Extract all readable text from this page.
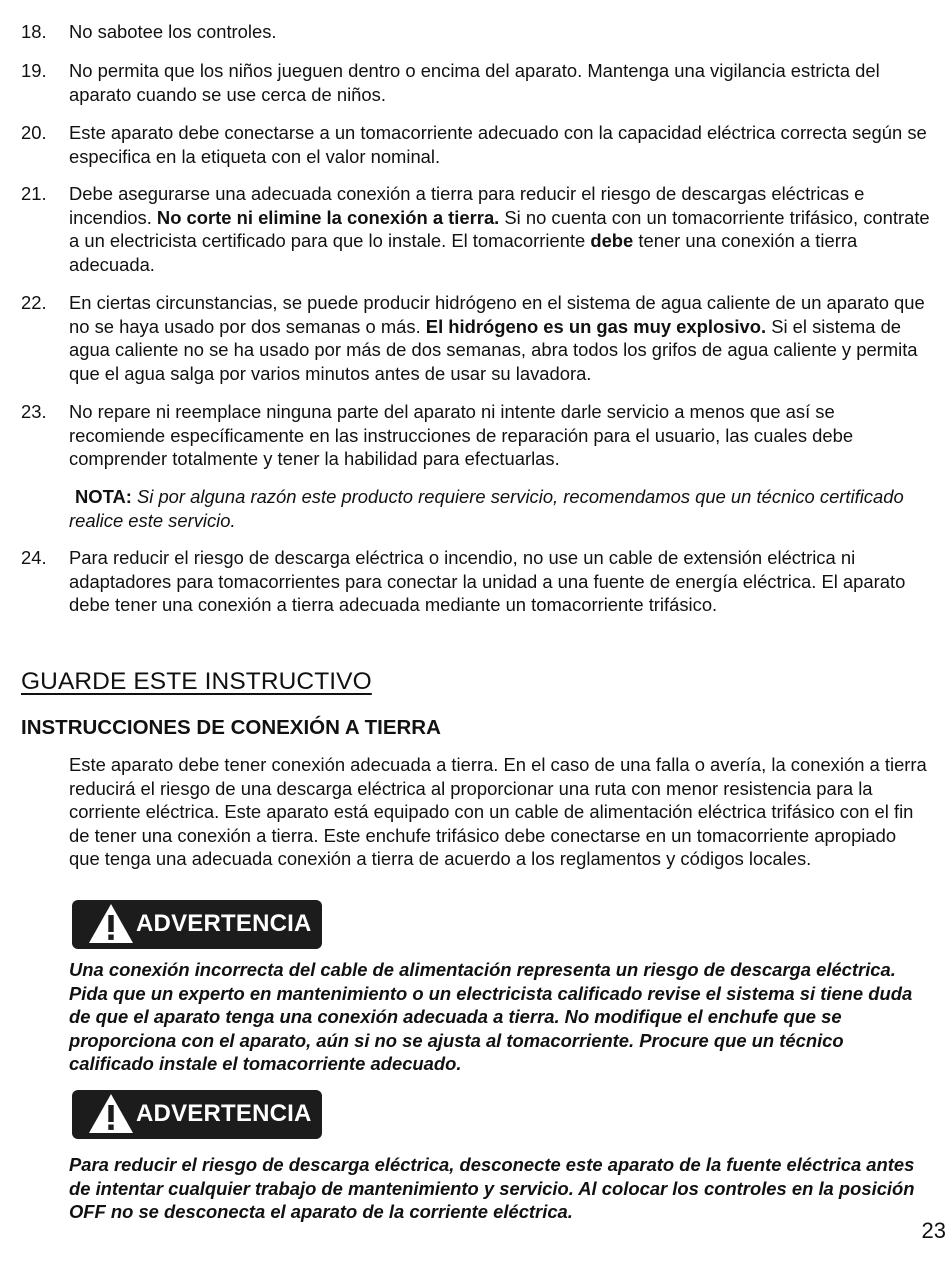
18.	No sabotee los controles.
19.	No permita que los niños jueguen dentro o encima del aparato. Mantenga una vigilancia estricta del aparato cuando se use cerca de niños.
20.	Este aparato debe conectarse a un tomacorriente adecuado con la capacidad eléctrica correcta según se especifica en la etiqueta con el valor nominal.
21.	Debe asegurarse una adecuada conexión a tierra para reducir el riesgo de descargas eléctricas e incendios. No corte ni elimine la conexión a tierra. Si no cuenta con un tomacorriente trifásico, contrate a un electricista certificado para que lo instale. El tomacorriente debe tener una conexión a tierra adecuada.
22.	En ciertas circunstancias, se puede producir hidrógeno en el sistema de agua caliente de un aparato que no se haya usado por dos semanas o más. El hidrógeno es un gas muy explosivo. Si el sistema de agua caliente no se ha usado por más de dos semanas, abra todos los grifos de agua caliente y permita que el agua salga por varios minutos antes de usar su lavadora.
23.	No repare ni reemplace ninguna parte del aparato ni intente darle servicio a menos que así se recomiende específicamente en las instrucciones de reparación para el usuario, las cuales debe comprender totalmente y tener la habilidad para efectuarlas.
NOTA: Si por alguna razón este producto requiere servicio, recomendamos que un técnico certificado realice este servicio.
24.	Para reducir el riesgo de descarga eléctrica o incendio, no use un cable de extensión eléctrica ni adaptadores para tomacorrientes para conectar la unidad a una fuente de energía eléctrica. El aparato debe tener una conexión a tierra adecuada mediante un tomacorriente trifásico.
GUARDE ESTE INSTRUCTIVO
INSTRUCCIONES DE CONEXIÓN A TIERRA
Este aparato debe tener conexión adecuada a tierra. En el caso de una falla o avería, la conexión a tierra reducirá el riesgo de una descarga eléctrica al proporcionar una ruta con menor resistencia para la corriente eléctrica. Este aparato está equipado con un cable de alimentación eléctrica trifásico con el fin de tener una conexión a tierra. Este enchufe trifásico debe conectarse en un tomacorriente apropiado que tenga una adecuada conexión a tierra de acuerdo a los reglamentos y códigos locales.
ADVERTENCIA
Una conexión incorrecta del cable de alimentación representa un riesgo de descarga eléctrica. Pida que un experto en mantenimiento o un electricista calificado revise el sistema si tiene duda de que el aparato tenga una conexión adecuada a tierra. No modifique el enchufe que se proporciona con el aparato, aún si no se ajusta al tomacorriente. Procure que un técnico calificado instale el tomacorriente adecuado.
ADVERTENCIA
Para reducir el riesgo de descarga eléctrica, desconecte este aparato de la fuente eléctrica antes de intentar cualquier trabajo de mantenimiento y servicio. Al colocar los controles en la posición OFF no se desconecta el aparato de la corriente eléctrica.
23
